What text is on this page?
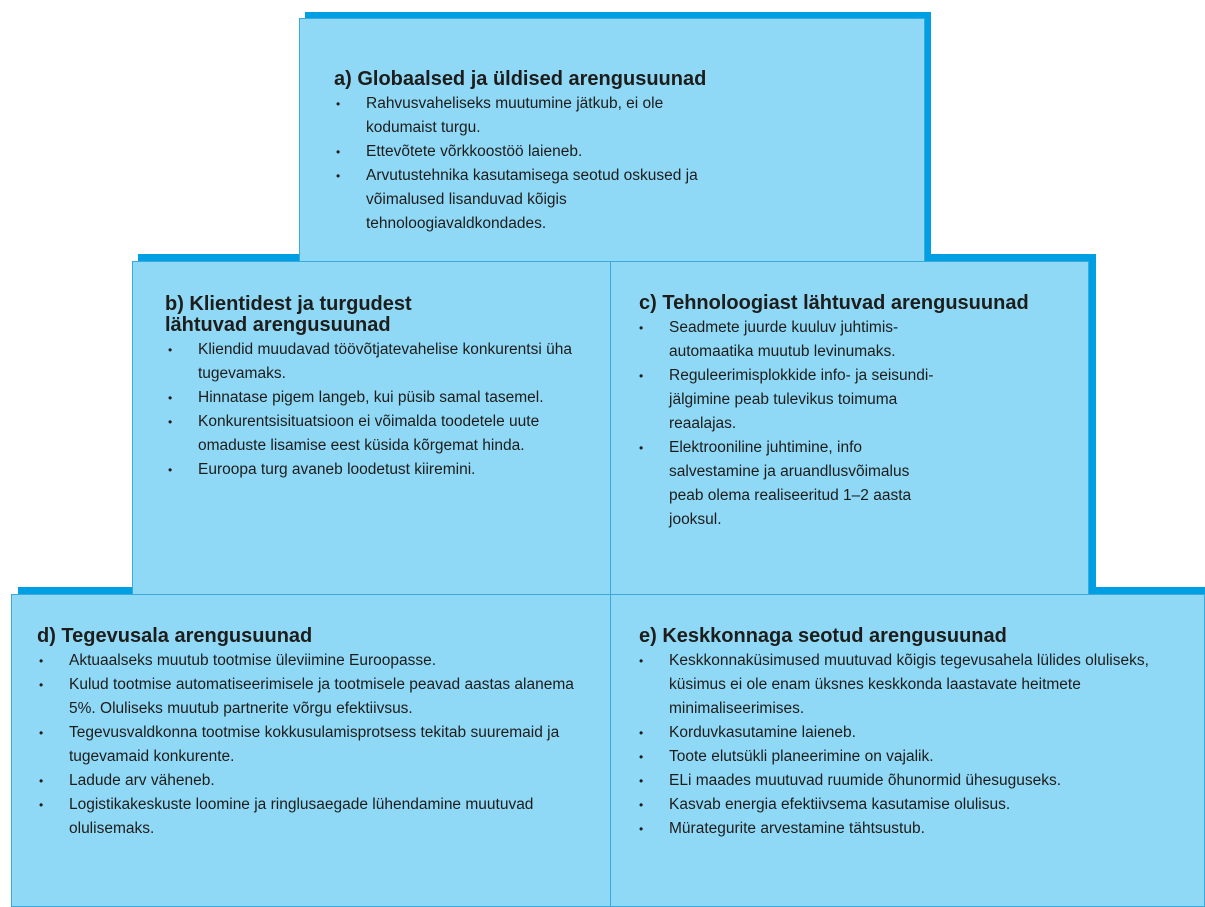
a) Globaalsed ja üldised arengusuunad
• Rahvusvaheliseks muutumine jätkub, ei ole kodumaist turgu.
• Ettevõtete võrkkoostöö laieneb.
• Arvutustehnika kasutamisega seotud oskused ja võimalused lisanduvad kõigis tehnoloogiavaldkondades.
b) Klientidest ja turgudest
lähtuvad arengusuunad
• Kliendid muudavad töövõtjatevahelise konkurentsi üha tugevamaks.
• Hinnatase pigem langeb, kui püsib samal tasemel.
• Konkurentsisituatsioon ei võimalda toodetele uute omaduste lisamise eest küsida kõrgemat hinda.
• Euroopa turg avaneb loodetust kiiremini.
c) Tehnoloogiast lähtuvad arengusuunad
• Seadmete juurde kuuluv juhtimis-automaatika muutub levinumaks.
• Reguleerimisplokkide info- ja seisundi-jälgimine peab tulevikus toimuma reaalajas.
• Elektrooniline juhtimine, info salvestamine ja aruandlusvõimalus peab olema realiseeritud 1–2 aasta jooksul.
d) Tegevusala arengusuunad
• Aktuaalseks muutub tootmise üleviimine Euroopasse.
• Kulud tootmise automatiseerimisele ja tootmisele peavad aastas alanema 5%. Oluliseks muutub partnerite võrgu efektiivsus.
• Tegevusvaldkonna tootmise kokkusulamisprotsess tekitab suuremaid ja tugevamaid konkurente.
• Ladude arv väheneb.
• Logistikakeskuste loomine ja ringlusaegade lühendamine muutuvad olulisemaks.
e) Keskkonnaga seotud arengusuunad
• Keskkonnaküsimused muutuvad kõigis tegevusahela lülides oluliseks, küsimus ei ole enam üksnes keskkonda laastavate heitmete minimaliseerimises.
• Korduvkasutamine laieneb.
• Toote elutsükli planeerimine on vajalik.
• ELi maades muutuvad ruumide õhunormid ühesuguseks.
• Kasvab energia efektiivsema kasutamise olulisus.
• Mürategurite arvestamine tähtsustub.
